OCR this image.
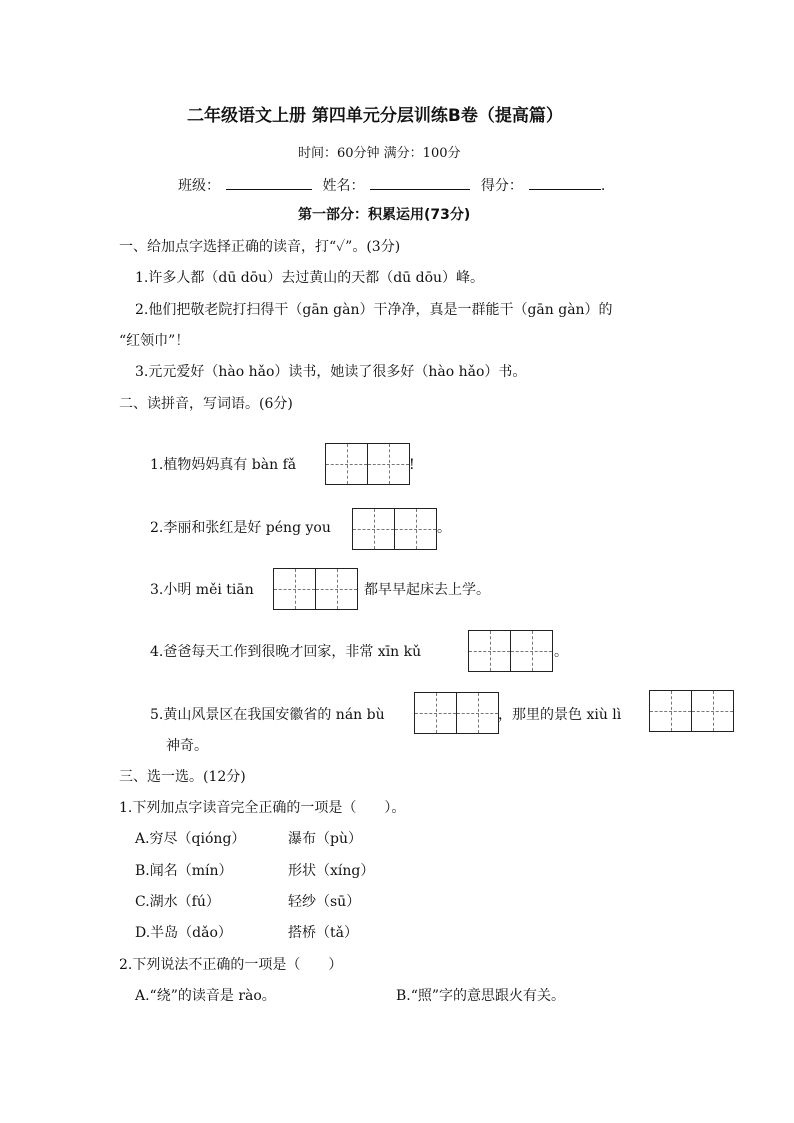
二年级语文上册 第四单元分层训练B卷（提高篇）
时间：60分钟 满分：100分
班级：	姓名：	得分：	.
第一部分：积累运用(73分)
一、给加点字选择正确的读音，打“✓”。(3分)
1.许多人都（dū dōu）去过黄山的天都（dū dōu）峰。
2.他们把敬老院打扫得干（gān gàn）干净净，真是一群能干（gān gàn）的
“红领巾”！
3.元元爱好（hào hǎo）读书，她读了很多好（hào hǎo）书。
二、读拼音，写词语。(6分)
1.植物妈妈真有 bàn fǎ	!
2.李丽和张红是好 péng you	。
3.小明 měi tiān	都早早起床去上学。
4.爸爸每天工作到很晚才回家，非常 xīn kǔ	。
5.黄山风景区在我国安徽省的 nán bù	，那里的景色 xiù lì
神奇。
三、选一选。(12分)
1.下列加点字读音完全正确的一项是（　　）。
A.穷尽（qióng）	瀑布（pù）
B.闻名（mín）	形状（xíng）
C.湖水（fú）	轻纱（sū）
D.半岛（dǎo）	搭桥（tǎ）
2.下列说法不正确的一项是（　　）
A.“绕”的读音是 rào。	B.“照”字的意思跟火有关。
